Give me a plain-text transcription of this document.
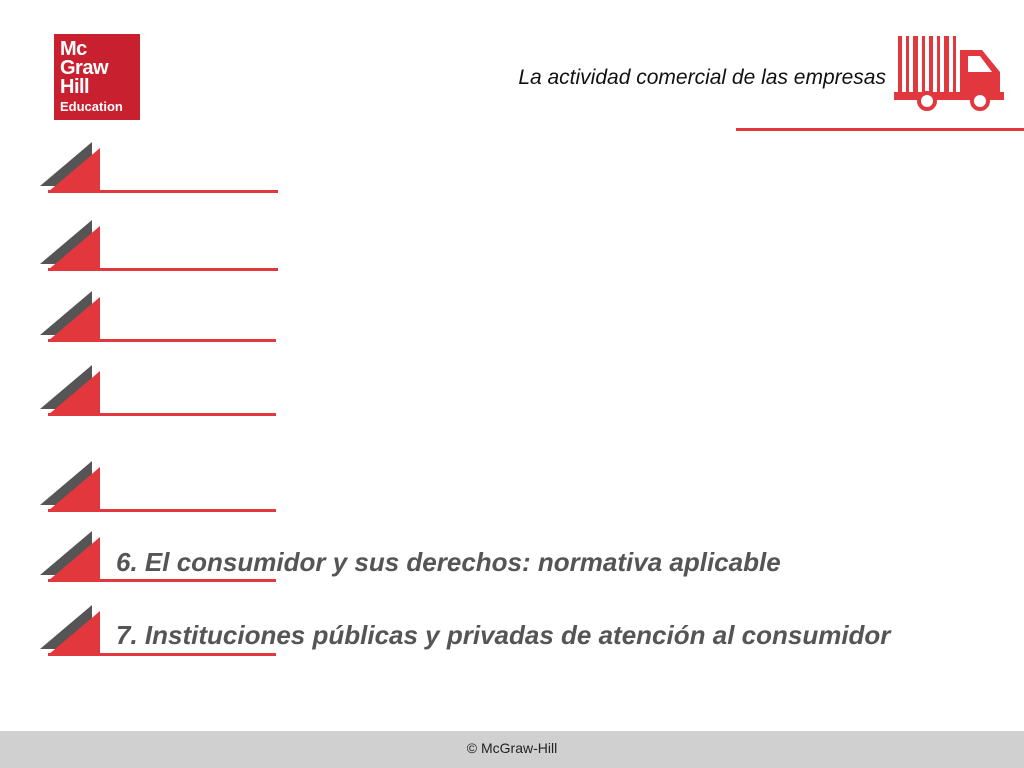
Mc
Graw
Hill
Education
La actividad comercial de las empresas
6. El consumidor y sus derechos: normativa aplicable
7. Instituciones públicas y privadas de atención al consumidor
© McGraw-Hill
